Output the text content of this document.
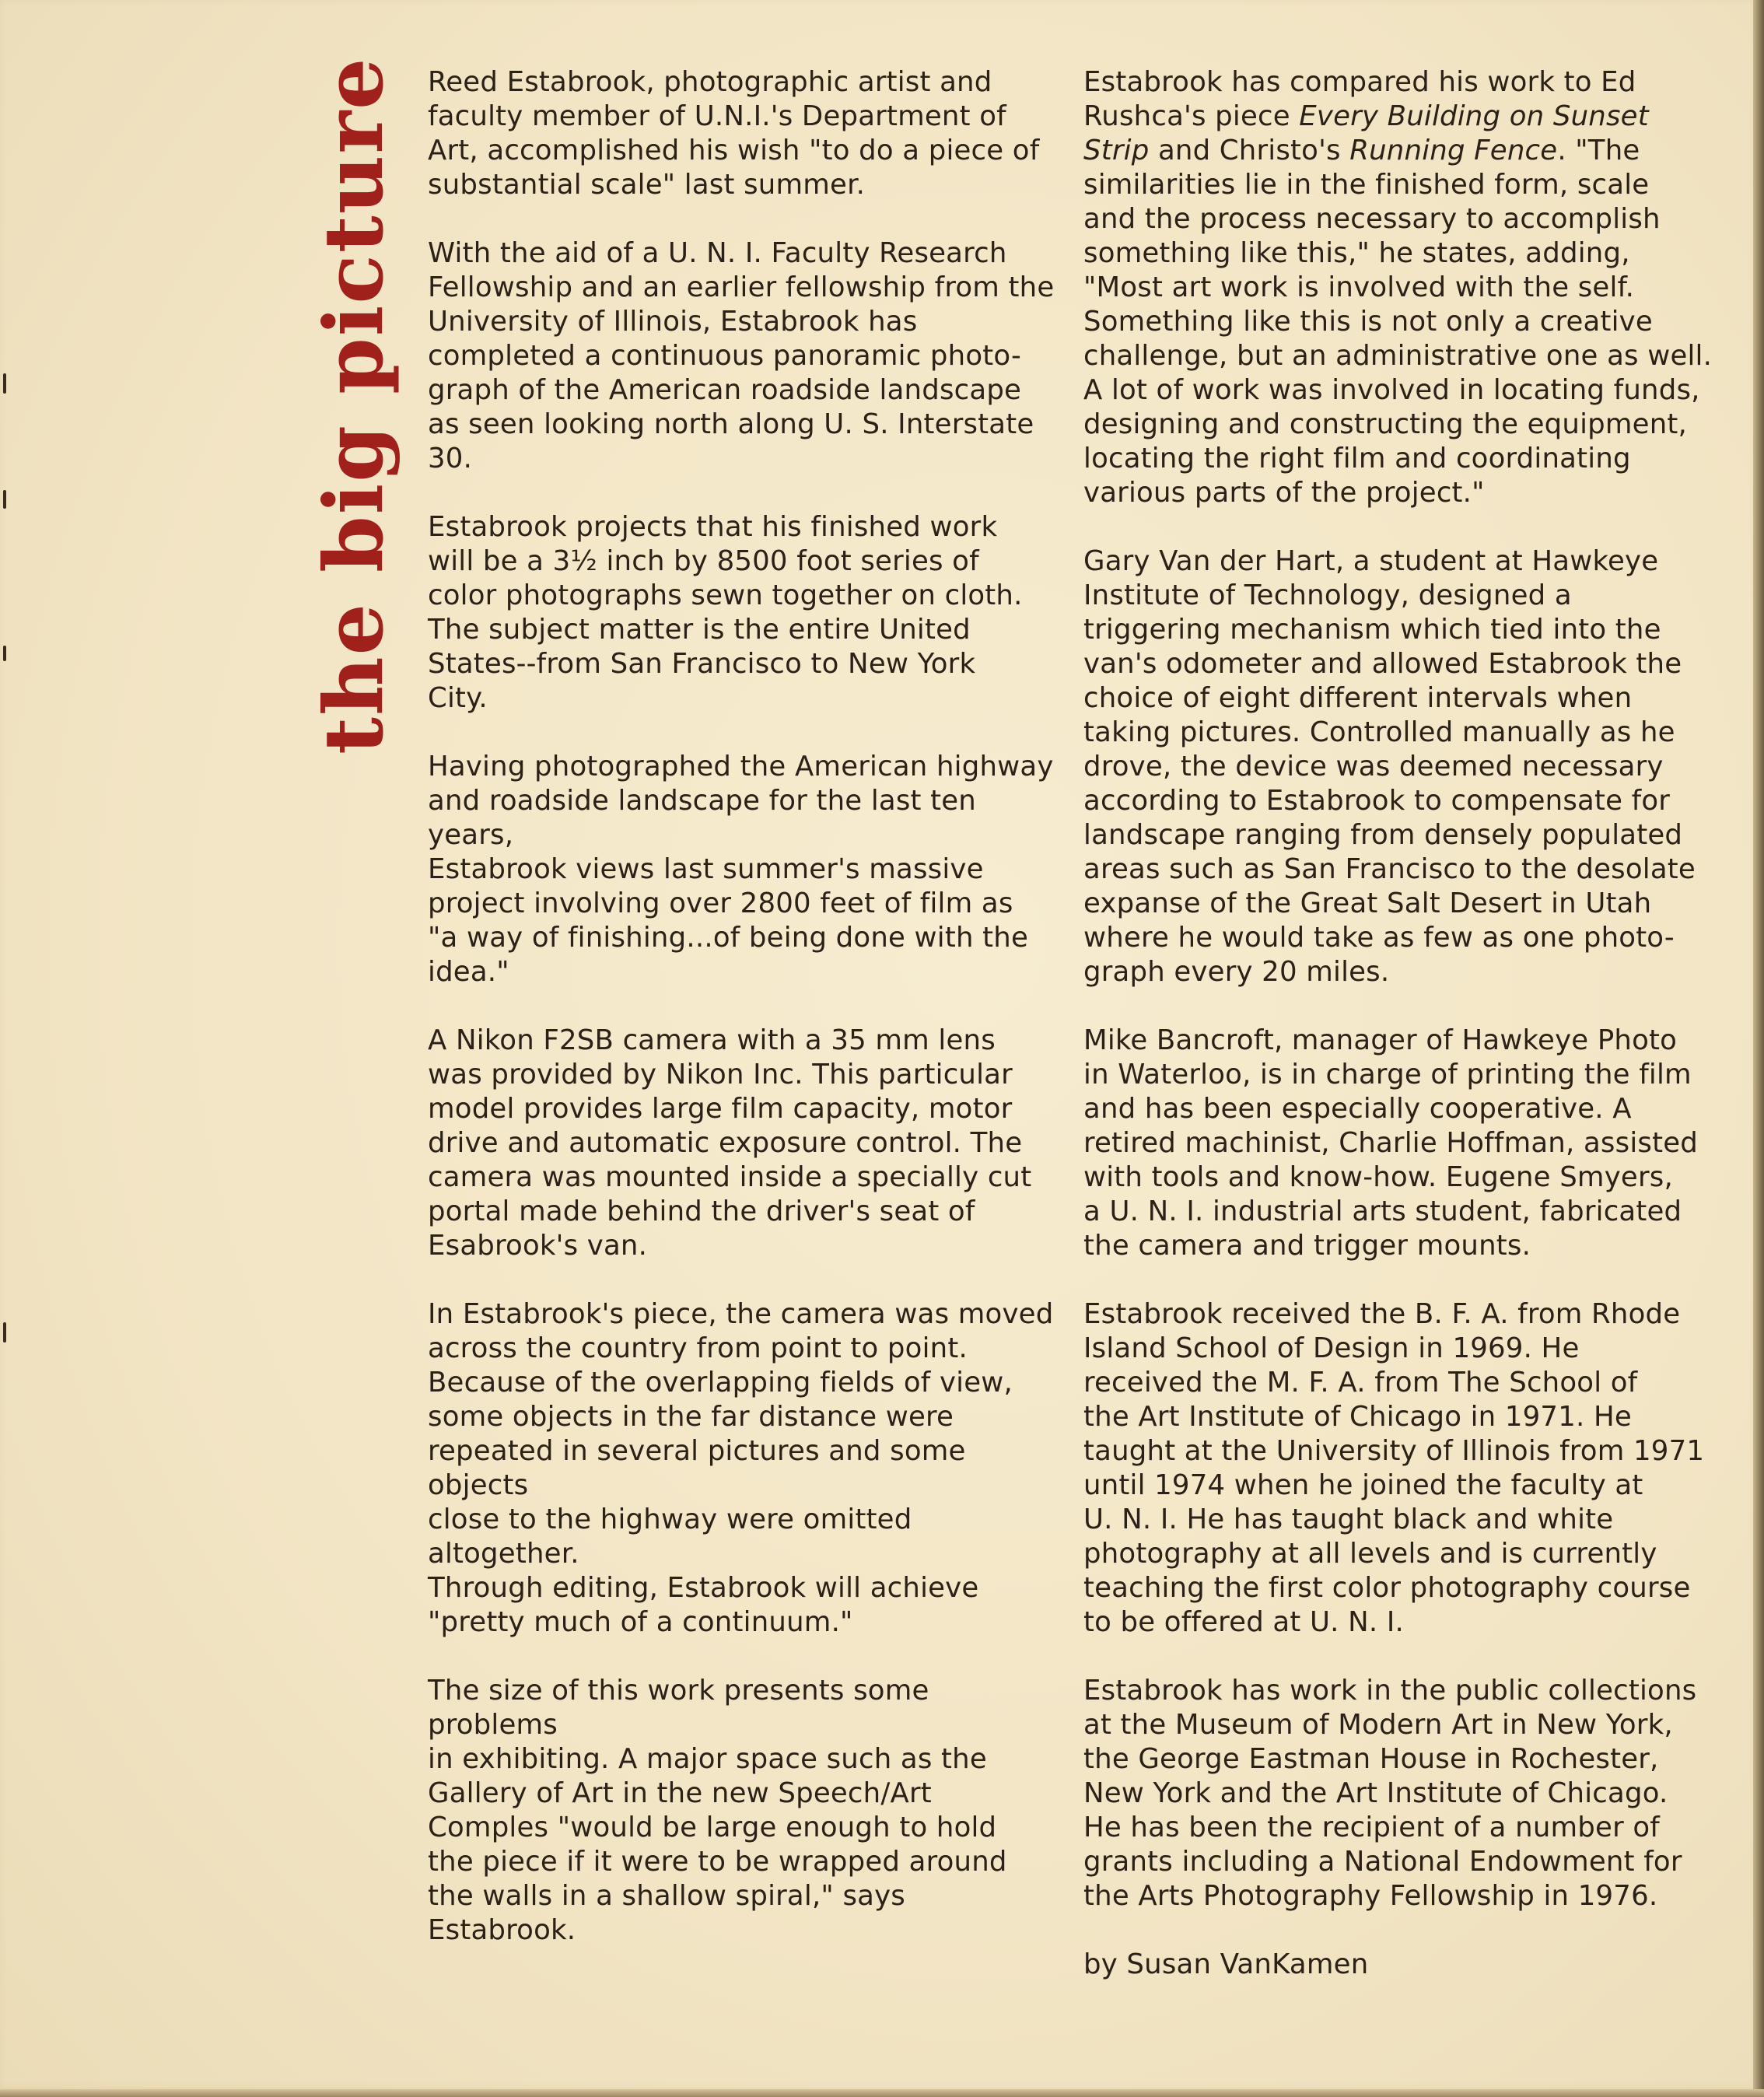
the big picture Reed Estabrook, photographic artist and
faculty member of U.N.I.'s Department of
Art, accomplished his wish "to do a piece of
substantial scale" last summer.

With the aid of a U. N. I. Faculty Research
Fellowship and an earlier fellowship from the
University of Illinois, Estabrook has
completed a continuous panoramic photo-
graph of the American roadside landscape
as seen looking north along U. S. Interstate
30.

Estabrook projects that his finished work
will be a 3½ inch by 8500 foot series of
color photographs sewn together on cloth.
The subject matter is the entire United
States--from San Francisco to New York
City.

Having photographed the American highway
and roadside landscape for the last ten years,
Estabrook views last summer's massive
project involving over 2800 feet of film as
"a way of finishing...of being done with the
idea."

A Nikon F2SB camera with a 35 mm lens
was provided by Nikon Inc. This particular
model provides large film capacity, motor
drive and automatic exposure control. The
camera was mounted inside a specially cut
portal made behind the driver's seat of
Esabrook's van.

In Estabrook's piece, the camera was moved
across the country from point to point.
Because of the overlapping fields of view,
some objects in the far distance were
repeated in several pictures and some objects
close to the highway were omitted altogether.
Through editing, Estabrook will achieve
"pretty much of a continuum."

The size of this work presents some problems
in exhibiting. A major space such as the
Gallery of Art in the new Speech/Art
Comples "would be large enough to hold
the piece if it were to be wrapped around
the walls in a shallow spiral," says Estabrook.

Estabrook has compared his work to Ed
Rushca's piece Every Building on Sunset
Strip and Christo's Running Fence. "The
similarities lie in the finished form, scale
and the process necessary to accomplish
something like this," he states, adding,
"Most art work is involved with the self.
Something like this is not only a creative
challenge, but an administrative one as well.
A lot of work was involved in locating funds,
designing and constructing the equipment,
locating the right film and coordinating
various parts of the project."

Gary Van der Hart, a student at Hawkeye
Institute of Technology, designed a
triggering mechanism which tied into the
van's odometer and allowed Estabrook the
choice of eight different intervals when
taking pictures. Controlled manually as he
drove, the device was deemed necessary
according to Estabrook to compensate for
landscape ranging from densely populated
areas such as San Francisco to the desolate
expanse of the Great Salt Desert in Utah
where he would take as few as one photo-
graph every 20 miles.

Mike Bancroft, manager of Hawkeye Photo
in Waterloo, is in charge of printing the film
and has been especially cooperative. A
retired machinist, Charlie Hoffman, assisted
with tools and know-how. Eugene Smyers,
a U. N. I. industrial arts student, fabricated
the camera and trigger mounts.

Estabrook received the B. F. A. from Rhode
Island School of Design in 1969. He
received the M. F. A. from The School of
the Art Institute of Chicago in 1971. He
taught at the University of Illinois from 1971
until 1974 when he joined the faculty at
U. N. I. He has taught black and white
photography at all levels and is currently
teaching the first color photography course
to be offered at U. N. I.

Estabrook has work in the public collections
at the Museum of Modern Art in New York,
the George Eastman House in Rochester,
New York and the Art Institute of Chicago.
He has been the recipient of a number of
grants including a National Endowment for
the Arts Photography Fellowship in 1976.

by Susan VanKamen
